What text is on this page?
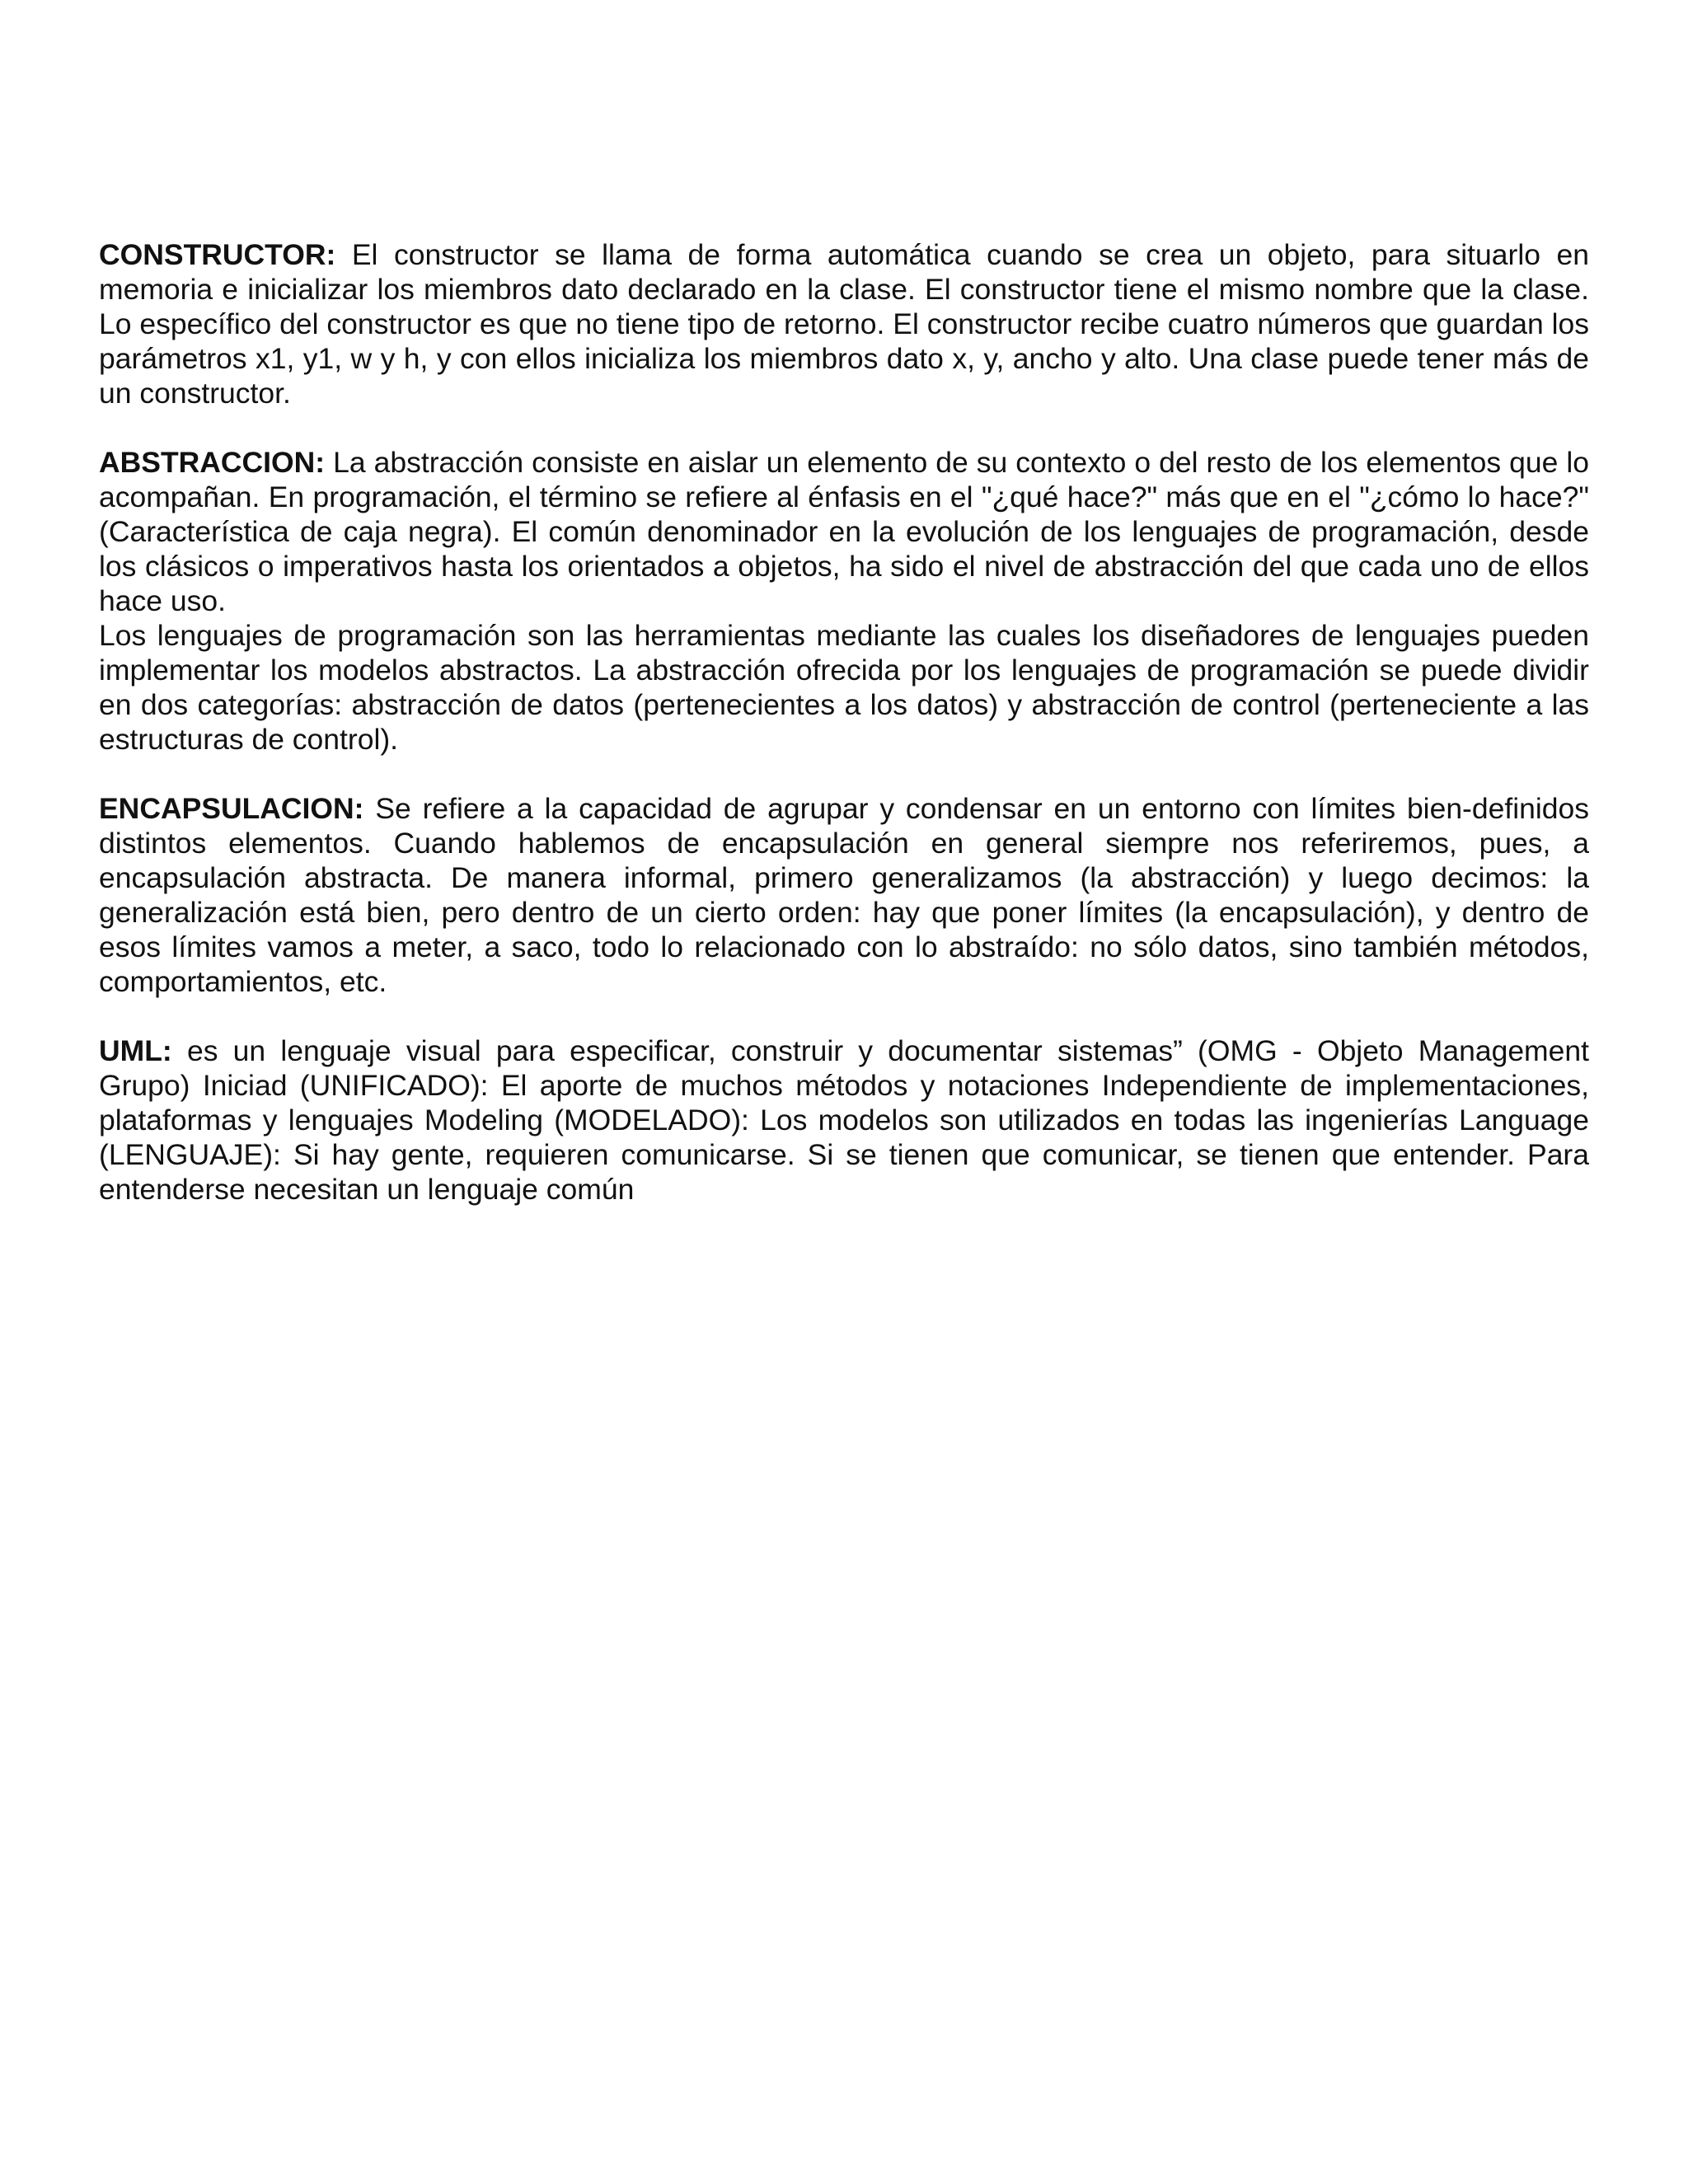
CONSTRUCTOR: El constructor se llama de forma automática cuando se crea un objeto, para situarlo en memoria e inicializar los miembros dato declarado en la clase. El constructor tiene el mismo nombre que la clase. Lo específico del constructor es que no tiene tipo de retorno. El constructor recibe cuatro números que guardan los parámetros x1, y1, w y h, y con ellos inicializa los miembros dato x, y, ancho y alto. Una clase puede tener más de un constructor.

ABSTRACCION: La abstracción consiste en aislar un elemento de su contexto o del resto de los elementos que lo acompañan. En programación, el término se refiere al énfasis en el "¿qué hace?" más que en el "¿cómo lo hace?" (Característica de caja negra). El común denominador en la evolución de los lenguajes de programación, desde los clásicos o imperativos hasta los orientados a objetos, ha sido el nivel de abstracción del que cada uno de ellos hace uso.

Los lenguajes de programación son las herramientas mediante las cuales los diseñadores de lenguajes pueden implementar los modelos abstractos. La abstracción ofrecida por los lenguajes de programación se puede dividir en dos categorías: abstracción de datos (pertenecientes a los datos) y abstracción de control (perteneciente a las estructuras de control).

ENCAPSULACION: Se refiere a la capacidad de agrupar y condensar en un entorno con límites bien-definidos distintos elementos. Cuando hablemos de encapsulación en general siempre nos referiremos, pues, a encapsulación abstracta. De manera informal, primero generalizamos (la abstracción) y luego decimos: la generalización está bien, pero dentro de un cierto orden: hay que poner límites (la encapsulación), y dentro de esos límites vamos a meter, a saco, todo lo relacionado con lo abstraído: no sólo datos, sino también métodos, comportamientos, etc.

UML: es un lenguaje visual para especificar, construir y documentar sistemas” (OMG - Objeto Management Grupo) Iniciad (UNIFICADO): El aporte de muchos métodos y notaciones Independiente de implementaciones, plataformas y lenguajes Modeling (MODELADO): Los modelos son utilizados en todas las ingenierías Language (LENGUAJE): Si hay gente, requieren comunicarse. Si se tienen que comunicar, se tienen que entender. Para entenderse necesitan un lenguaje común
